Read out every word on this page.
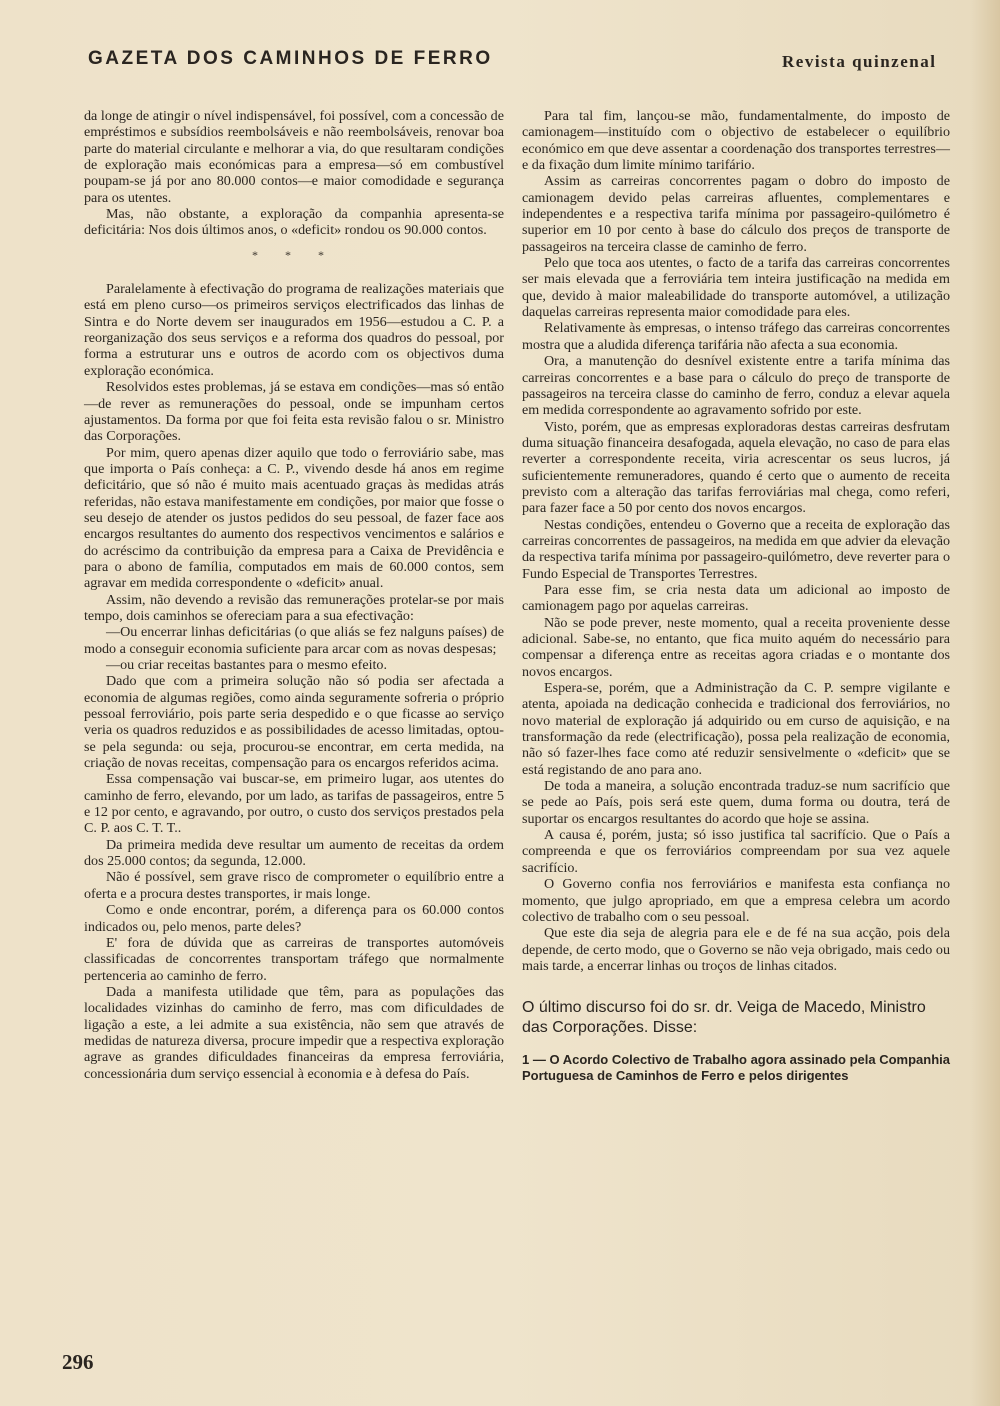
GAZETA DOS CAMINHOS DE FERRO	Revista quinzenal

da longe de atingir o nível indispensável, foi possível, com a concessão de empréstimos e subsídios reembolsáveis e não reembolsáveis, renovar boa parte do material circulante e melhorar a via, do que resultaram condições de exploração mais económicas para a empresa—só em combustível poupam-se já por ano 80.000 contos—e maior comodidade e segurança para os utentes.

Mas, não obstante, a exploração da companhia apresenta-se deficitária: Nos dois últimos anos, o «deficit» rondou os 90.000 contos.

* * *

Paralelamente à efectivação do programa de realizações materiais que está em pleno curso—os primeiros serviços electrificados das linhas de Sintra e do Norte devem ser inaugurados em 1956—estudou a C. P. a reorganização dos seus serviços e a reforma dos quadros do pessoal, por forma a estruturar uns e outros de acordo com os objectivos duma exploração económica.

Resolvidos estes problemas, já se estava em condições—mas só então—de rever as remunerações do pessoal, onde se impunham certos ajustamentos. Da forma por que foi feita esta revisão falou o sr. Ministro das Corporações.

Por mim, quero apenas dizer aquilo que todo o ferroviário sabe, mas que importa o País conheça: a C. P., vivendo desde há anos em regime deficitário, que só não é muito mais acentuado graças às medidas atrás referidas, não estava manifestamente em condições, por maior que fosse o seu desejo de atender os justos pedidos do seu pessoal, de fazer face aos encargos resultantes do aumento dos respectivos vencimentos e salários e do acréscimo da contribuição da empresa para a Caixa de Previdência e para o abono de família, computados em mais de 60.000 contos, sem agravar em medida correspondente o «deficit» anual.

Assim, não devendo a revisão das remunerações protelar-se por mais tempo, dois caminhos se ofereciam para a sua efectivação:

—Ou encerrar linhas deficitárias (o que aliás se fez nalguns países) de modo a conseguir economia suficiente para arcar com as novas despesas;

—ou criar receitas bastantes para o mesmo efeito.

Dado que com a primeira solução não só podia ser afectada a economia de algumas regiões, como ainda seguramente sofreria o próprio pessoal ferroviário, pois parte seria despedido e o que ficasse ao serviço veria os quadros reduzidos e as possibilidades de acesso limitadas, optou-se pela segunda: ou seja, procurou-se encontrar, em certa medida, na criação de novas receitas, compensação para os encargos referidos acima.

Essa compensação vai buscar-se, em primeiro lugar, aos utentes do caminho de ferro, elevando, por um lado, as tarifas de passageiros, entre 5 e 12 por cento, e agravando, por outro, o custo dos serviços prestados pela C. P. aos C. T. T..

Da primeira medida deve resultar um aumento de receitas da ordem dos 25.000 contos; da segunda, 12.000.

Não é possível, sem grave risco de comprometer o equilíbrio entre a oferta e a procura destes transportes, ir mais longe.

Como e onde encontrar, porém, a diferença para os 60.000 contos indicados ou, pelo menos, parte deles?

E' fora de dúvida que as carreiras de transportes automóveis classificadas de concorrentes transportam tráfego que normalmente pertenceria ao caminho de ferro.

Dada a manifesta utilidade que têm, para as populações das localidades vizinhas do caminho de ferro, mas com dificuldades de ligação a este, a lei admite a sua existência, não sem que através de medidas de natureza diversa, procure impedir que a respectiva exploração agrave as grandes dificuldades financeiras da empresa ferroviária, concessionária dum serviço essencial à economia e à defesa do País.

Para tal fim, lançou-se mão, fundamentalmente, do imposto de camionagem—instituído com o objectivo de estabelecer o equilíbrio económico em que deve assentar a coordenação dos transportes terrestres—e da fixação dum limite mínimo tarifário.

Assim as carreiras concorrentes pagam o dobro do imposto de camionagem devido pelas carreiras afluentes, complementares e independentes e a respectiva tarifa mínima por passageiro-quilómetro é superior em 10 por cento à base do cálculo dos preços de transporte de passageiros na terceira classe de caminho de ferro.

Pelo que toca aos utentes, o facto de a tarifa das carreiras concorrentes ser mais elevada que a ferroviária tem inteira justificação na medida em que, devido à maior maleabilidade do transporte automóvel, a utilização daquelas carreiras representa maior comodidade para eles.

Relativamente às empresas, o intenso tráfego das carreiras concorrentes mostra que a aludida diferença tarifária não afecta a sua economia.

Ora, a manutenção do desnível existente entre a tarifa mínima das carreiras concorrentes e a base para o cálculo do preço de transporte de passageiros na terceira classe do caminho de ferro, conduz a elevar aquela em medida correspondente ao agravamento sofrido por este.

Visto, porém, que as empresas exploradoras destas carreiras desfrutam duma situação financeira desafogada, aquela elevação, no caso de para elas reverter a correspondente receita, viria acrescentar os seus lucros, já suficientemente remuneradores, quando é certo que o aumento de receita previsto com a alteração das tarifas ferroviárias mal chega, como referi, para fazer face a 50 por cento dos novos encargos.

Nestas condições, entendeu o Governo que a receita de exploração das carreiras concorrentes de passageiros, na medida em que advier da elevação da respectiva tarifa mínima por passageiro-quilómetro, deve reverter para o Fundo Especial de Transportes Terrestres.

Para esse fim, se cria nesta data um adicional ao imposto de camionagem pago por aquelas carreiras.

Não se pode prever, neste momento, qual a receita proveniente desse adicional. Sabe-se, no entanto, que fica muito aquém do necessário para compensar a diferença entre as receitas agora criadas e o montante dos novos encargos.

Espera-se, porém, que a Administração da C. P. sempre vigilante e atenta, apoiada na dedicação conhecida e tradicional dos ferroviários, no novo material de exploração já adquirido ou em curso de aquisição, e na transformação da rede (electrificação), possa pela realização de economia, não só fazer-lhes face como até reduzir sensivelmente o «deficit» que se está registando de ano para ano.

De toda a maneira, a solução encontrada traduz-se num sacrifício que se pede ao País, pois será este quem, duma forma ou doutra, terá de suportar os encargos resultantes do acordo que hoje se assina.

A causa é, porém, justa; só isso justifica tal sacrifício. Que o País a compreenda e que os ferroviários compreendam por sua vez aquele sacrifício.

O Governo confia nos ferroviários e manifesta esta confiança no momento, que julgo apropriado, em que a empresa celebra um acordo colectivo de trabalho com o seu pessoal.

Que este dia seja de alegria para ele e de fé na sua acção, pois dela depende, de certo modo, que o Governo se não veja obrigado, mais cedo ou mais tarde, a encerrar linhas ou troços de linhas citados.

O último discurso foi do sr. dr. Veiga de Macedo, Ministro das Corporações. Disse:
1 — O Acordo Colectivo de Trabalho agora assinado pela Companhia Portuguesa de Caminhos de Ferro e pelos dirigentes
296
